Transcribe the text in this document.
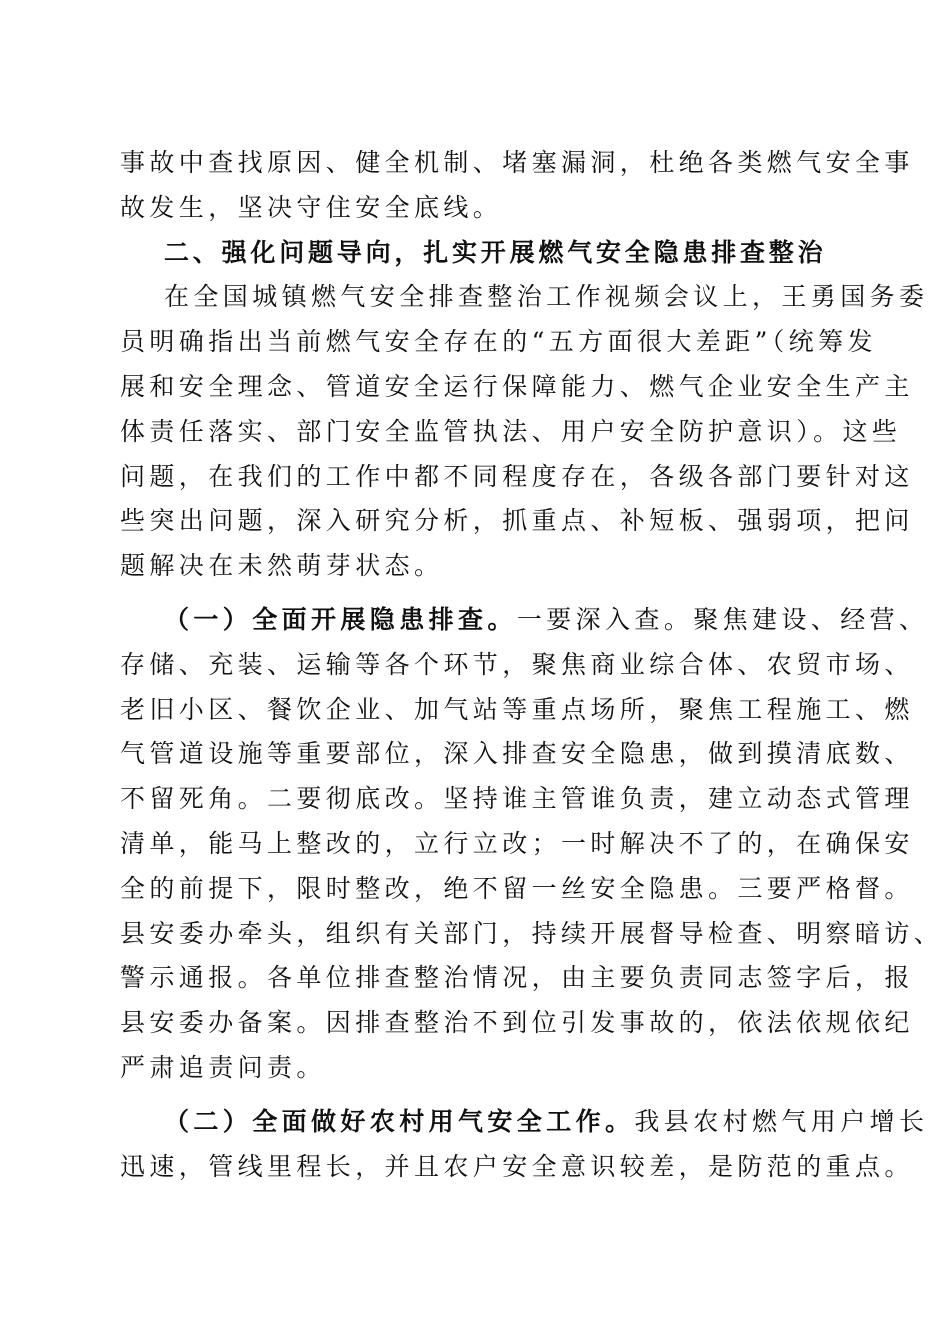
事故中查找原因、健全机制、堵塞漏洞，杜绝各类燃气安全事
故发生，坚决守住安全底线。
二、强化问题导向，扎实开展燃气安全隐患排查整治
在全国城镇燃气安全排查整治工作视频会议上，王勇国务委
员明确指出当前燃气安全存在的“五方面很大差距”（统筹发
展和安全理念、管道安全运行保障能力、燃气企业安全生产主
体责任落实、部门安全监管执法、用户安全防护意识）。这些
问题，在我们的工作中都不同程度存在，各级各部门要针对这
些突出问题，深入研究分析，抓重点、补短板、强弱项，把问
题解决在未然萌芽状态。
（一）全面开展隐患排查。一要深入查。聚焦建设、经营、
存储、充装、运输等各个环节，聚焦商业综合体、农贸市场、
老旧小区、餐饮企业、加气站等重点场所，聚焦工程施工、燃
气管道设施等重要部位，深入排查安全隐患，做到摸清底数、
不留死角。二要彻底改。坚持谁主管谁负责，建立动态式管理
清单，能马上整改的，立行立改；一时解决不了的，在确保安
全的前提下，限时整改，绝不留一丝安全隐患。三要严格督。
县安委办牵头，组织有关部门，持续开展督导检查、明察暗访、
警示通报。各单位排查整治情况，由主要负责同志签字后，报
县安委办备案。因排查整治不到位引发事故的，依法依规依纪
严肃追责问责。
（二）全面做好农村用气安全工作。我县农村燃气用户增长
迅速，管线里程长，并且农户安全意识较差，是防范的重点。
